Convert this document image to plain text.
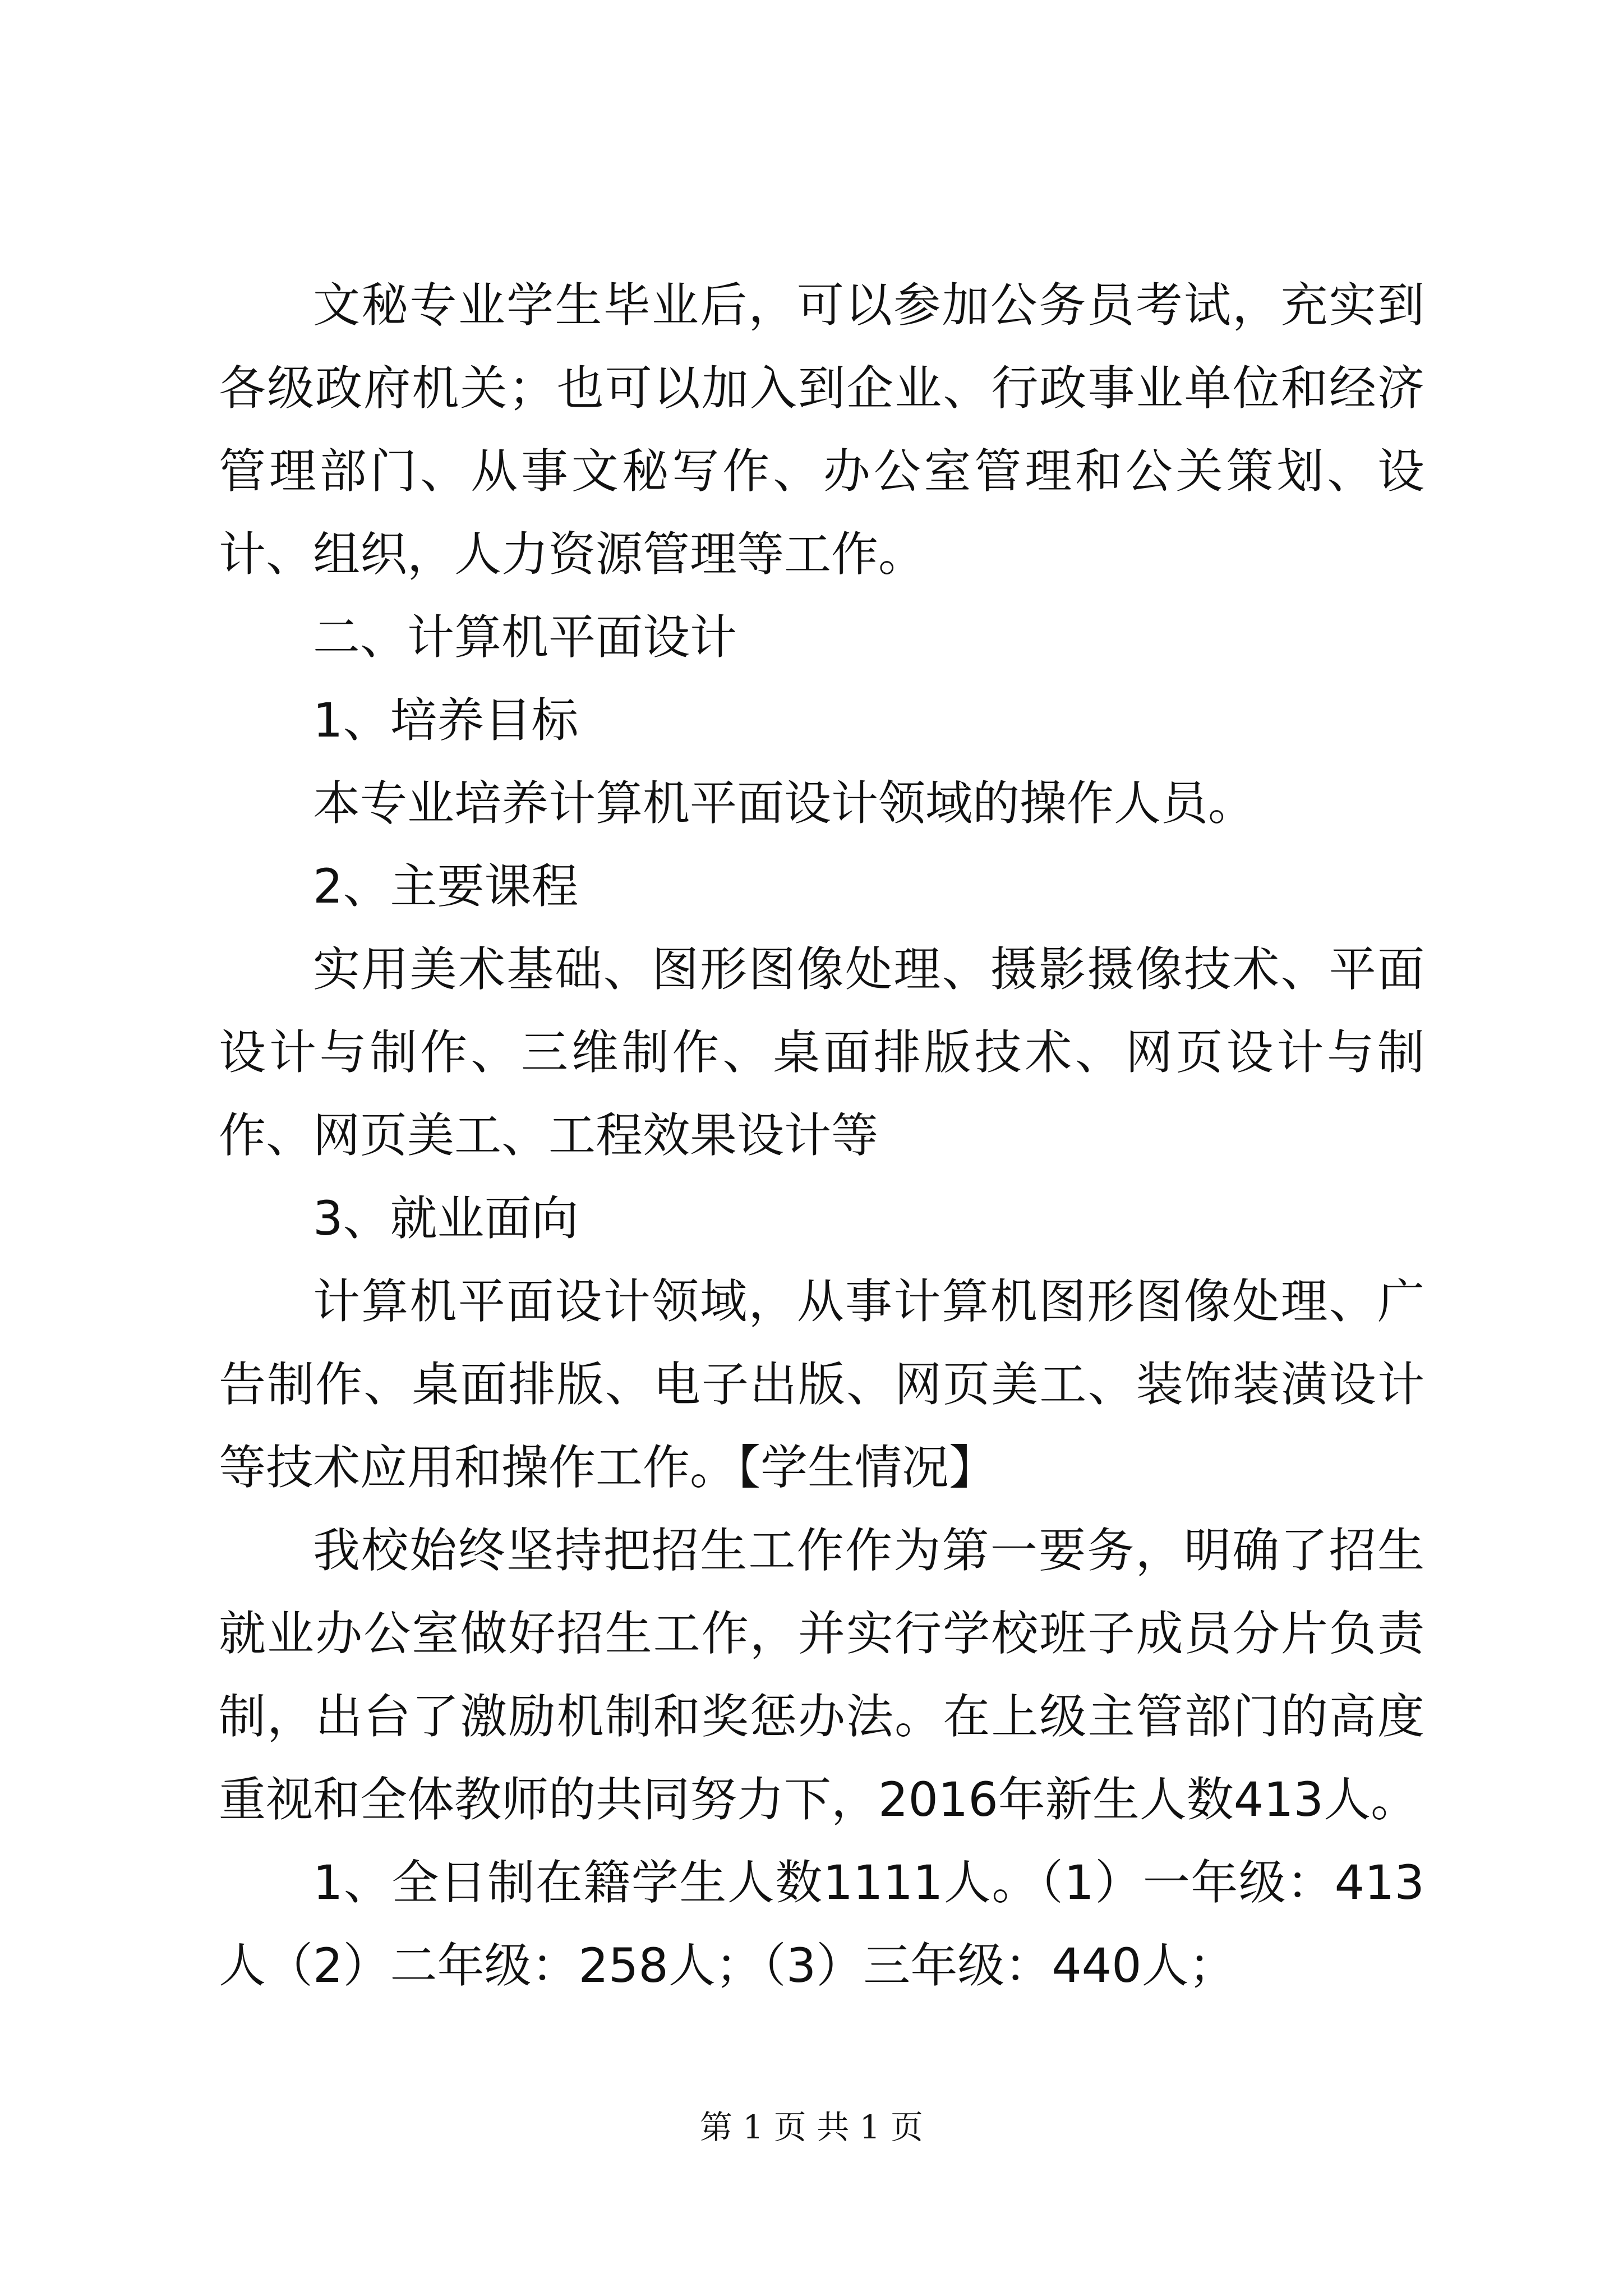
文秘专业学生毕业后，可以参加公务员考试，充实到各级政府机关；也可以加入到企业、行政事业单位和经济管理部门、从事文秘写作、办公室管理和公关策划、设计、组织，人力资源管理等工作。

二、计算机平面设计

1、培养目标

本专业培养计算机平面设计领域的操作人员。

2、主要课程

实用美术基础、图形图像处理、摄影摄像技术、平面设计与制作、三维制作、桌面排版技术、网页设计与制作、网页美工、工程效果设计等

3、就业面向

计算机平面设计领域，从事计算机图形图像处理、广告制作、桌面排版、电子出版、网页美工、装饰装潢设计等技术应用和操作工作。【学生情况】

我校始终坚持把招生工作作为第一要务，明确了招生就业办公室做好招生工作，并实行学校班子成员分片负责制，出台了激励机制和奖惩办法。在上级主管部门的高度重视和全体教师的共同努力下，2016年新生人数413人。

1、全日制在籍学生人数1111人。（1）一年级：413人（2）二年级：258人；（3）三年级：440人；

第 1 页 共 1 页
